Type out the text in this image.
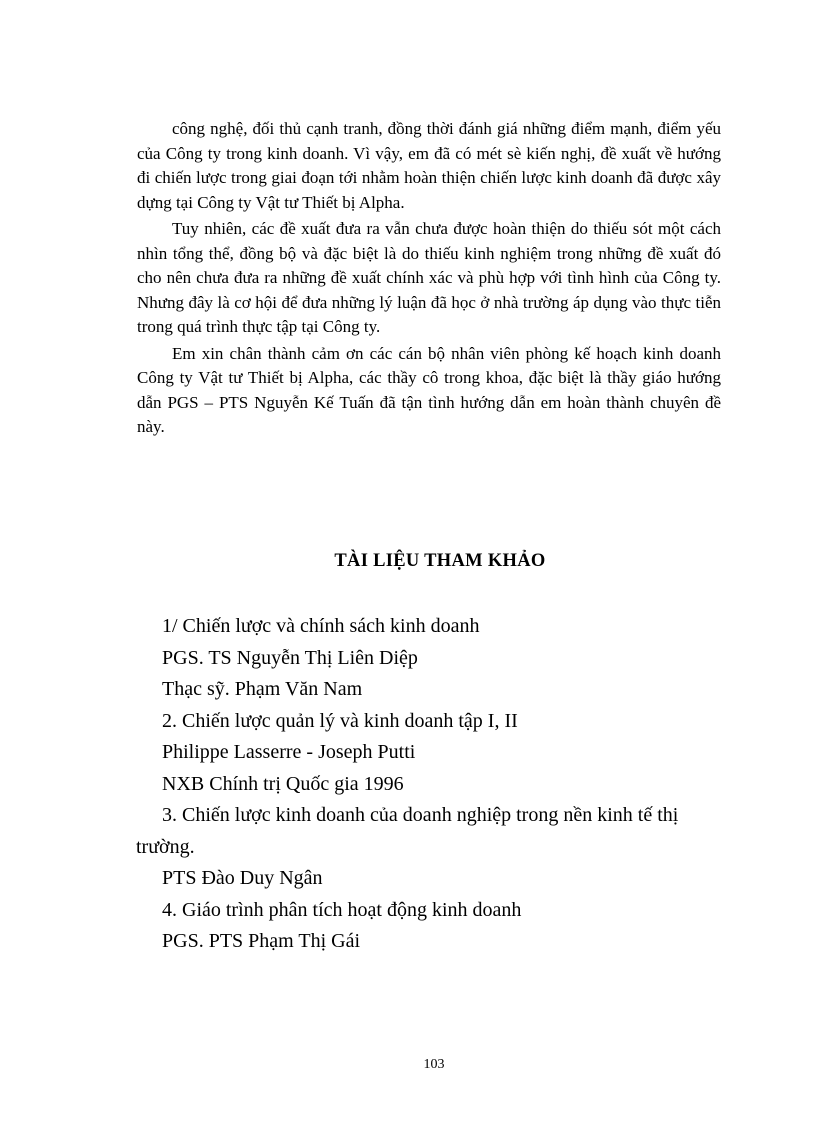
công nghệ, đối thủ cạnh tranh, đồng thời đánh giá những điểm mạnh, điểm yếu của Công ty trong kinh doanh. Vì vậy, em đã có mét sè kiến nghị, đề xuất về hướng đi chiến lược trong giai đoạn tới nhằm hoàn thiện chiến lược kinh doanh đã được xây dựng tại Công ty Vật tư Thiết bị Alpha.

Tuy nhiên, các đề xuất đưa ra vẫn chưa được hoàn thiện do thiếu sót một cách nhìn tổng thể, đồng bộ và đặc biệt là do thiếu kinh nghiệm trong những đề xuất đó cho nên chưa đưa ra những đề xuất chính xác và phù hợp với tình hình của Công ty. Nhưng đây là cơ hội để đưa những lý luận đã học ở nhà trường áp dụng vào thực tiễn trong quá trình thực tập tại Công ty.

Em xin chân thành cảm ơn các cán bộ nhân viên phòng kế hoạch kinh doanh Công ty Vật tư Thiết bị Alpha, các thầy cô trong khoa, đặc biệt là thầy giáo hướng dẫn PGS – PTS Nguyễn Kế Tuấn đã tận tình hướng dẫn em hoàn thành chuyên đề này.

TÀI LIỆU THAM KHẢO
1/ Chiến lược và chính sách kinh doanh
PGS. TS Nguyễn Thị Liên Diệp
Thạc sỹ. Phạm Văn Nam
2. Chiến lược quản lý và kinh doanh tập I, II
Philippe Lasserre - Joseph Putti
NXB Chính trị Quốc gia 1996
3. Chiến lược kinh doanh của doanh nghiệp trong nền kinh tế thị trường.
PTS Đào Duy Ngân
4. Giáo trình phân tích hoạt động kinh doanh
PGS. PTS Phạm Thị Gái
103
